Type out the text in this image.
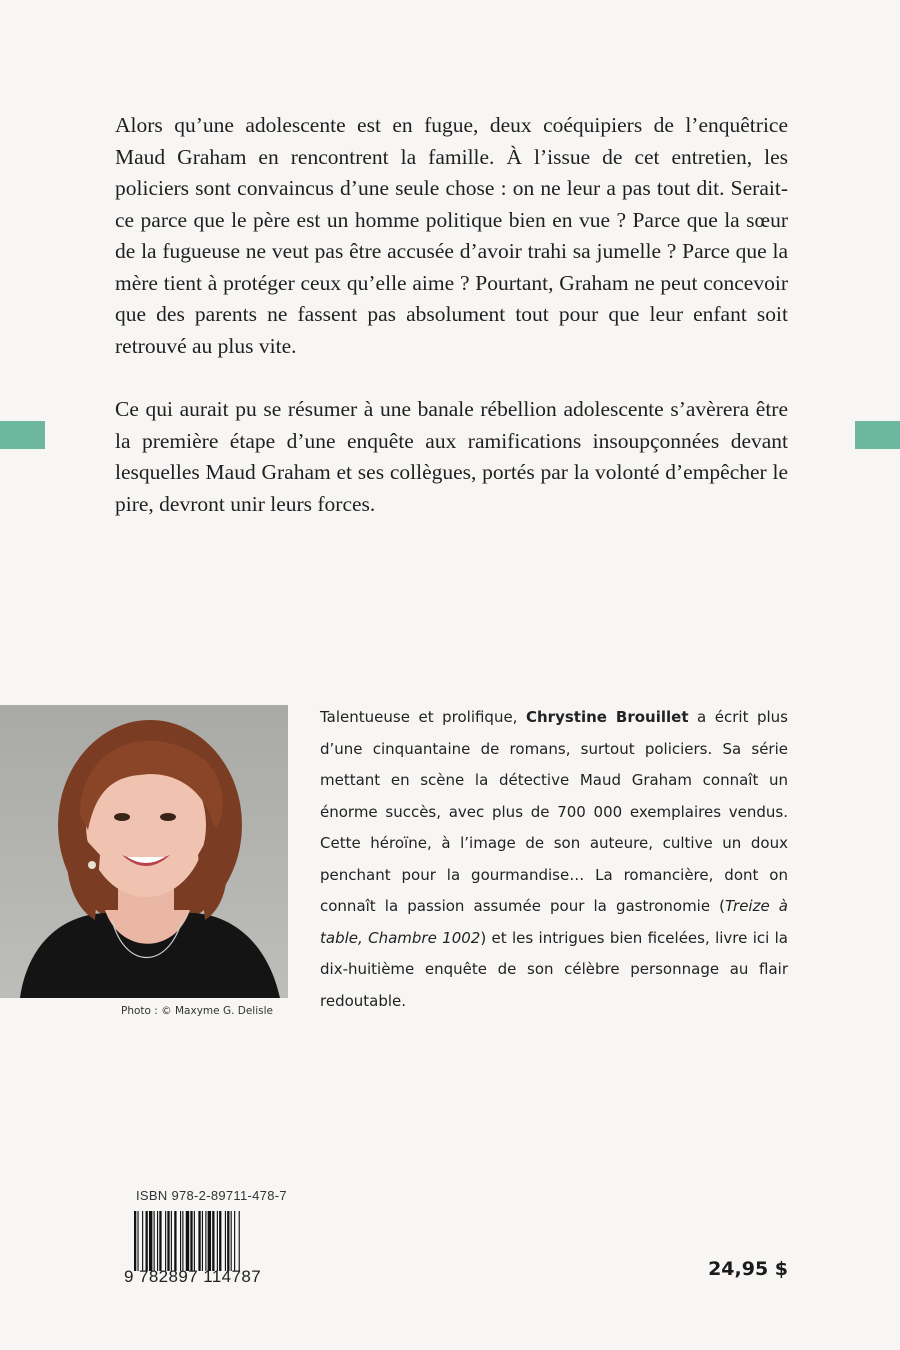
Alors qu’une adolescente est en fugue, deux coéquipiers de l’enquêtrice Maud Graham en rencontrent la famille. À l’issue de cet entretien, les policiers sont convaincus d’une seule chose : on ne leur a pas tout dit. Serait-ce parce que le père est un homme politique bien en vue ? Parce que la sœur de la fugueuse ne veut pas être accusée d’avoir trahi sa jumelle ? Parce que la mère tient à protéger ceux qu’elle aime ? Pourtant, Graham ne peut concevoir que des parents ne fassent pas absolument tout pour que leur enfant soit retrouvé au plus vite.

Ce qui aurait pu se résumer à une banale rébellion adolescente s’avèrera être la première étape d’une enquête aux ramifications insoupçonnées devant lesquelles Maud Graham et ses collègues, portés par la volonté d’empêcher le pire, devront unir leurs forces.

Photo : © Maxyme G. Delisle

Talentueuse et prolifique, Chrystine Brouillet a écrit plus d’une cinquantaine de romans, surtout policiers. Sa série mettant en scène la détective Maud Graham connaît un énorme succès, avec plus de 700 000 exemplaires vendus. Cette héroïne, à l’image de son auteure, cultive un doux penchant pour la gourmandise… La romancière, dont on connaît la passion assumée pour la gastronomie (Treize à table, Chambre 1002) et les intrigues bien ficelées, livre ici la dix-huitième enquête de son célèbre personnage au flair redoutable.

ISBN 978-2-89711-478-7
9 782897 114787	24,95 $
